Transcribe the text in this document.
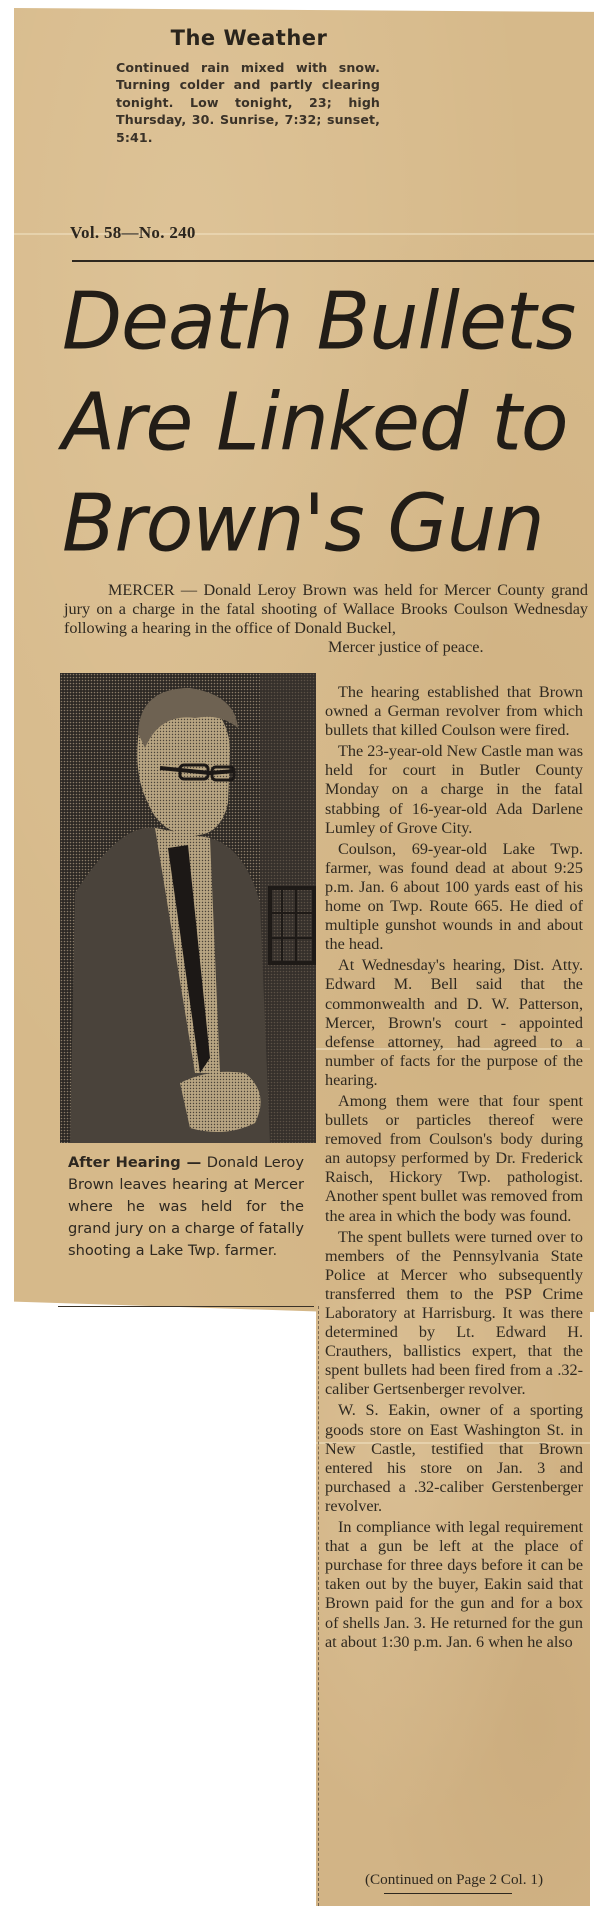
The Weather
Continued rain mixed with snow. Turning colder and partly clearing tonight. Low tonight, 23; high Thursday, 30. Sunrise, 7:32; sunset, 5:41.
Vol. 58—No. 240
Death Bullets
Are Linked to
Brown's Gun

MERCER — Donald Leroy Brown was held for Mercer County grand jury on a charge in the fatal shooting of Wallace Brooks Coulson Wednesday following a hearing in the office of Donald Buckel,

Mercer justice of peace.

After Hearing — Donald Leroy Brown leaves hearing at Mercer where he was held for the grand jury on a charge of fatally shooting a Lake Twp. farmer.

The hearing established that Brown owned a German revolver from which bullets that killed Coulson were fired.

The 23-year-old New Castle man was held for court in Butler County Monday on a charge in the fatal stabbing of 16-year-old Ada Darlene Lumley of Grove City.

Coulson, 69-year-old Lake Twp. farmer, was found dead at about 9:25 p.m. Jan. 6 about 100 yards east of his home on Twp. Route 665. He died of multiple gunshot wounds in and about the head.

At Wednesday's hearing, Dist. Atty. Edward M. Bell said that the commonwealth and D. W. Patterson, Mercer, Brown's court - appointed defense attorney, had agreed to a number of facts for the purpose of the hearing.

Among them were that four spent bullets or particles thereof were removed from Coulson's body during an autopsy performed by Dr. Frederick Raisch, Hickory Twp. pathologist. Another spent bullet was removed from the area in which the body was found.

The spent bullets were turned over to members of the Pennsylvania State Police at Mercer who subsequently transferred them to the PSP Crime Laboratory at Harrisburg. It was there determined by Lt. Edward H. Crauthers, ballistics expert, that the spent bullets had been fired from a .32-caliber Gertsenberger revolver.

W. S. Eakin, owner of a sporting goods store on East Washington St. in New Castle, testified that Brown entered his store on Jan. 3 and purchased a .32-caliber Gerstenberger revolver.

In compliance with legal requirement that a gun be left at the place of purchase for three days before it can be taken out by the buyer, Eakin said that Brown paid for the gun and for a box of shells Jan. 3. He returned for the gun at about 1:30 p.m. Jan. 6 when he also

(Continued on Page 2 Col. 1)
